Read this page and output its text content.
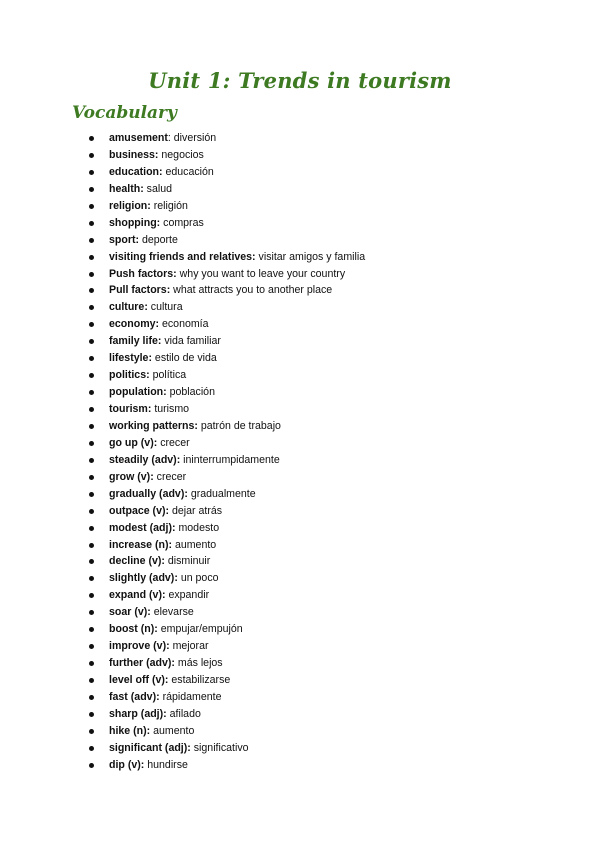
Unit 1: Trends in tourism
Vocabulary
amusement: diversión
business: negocios
education: educación
health: salud
religion: religión
shopping: compras
sport: deporte
visiting friends and relatives: visitar amigos y familia
Push factors: why you want to leave your country
Pull factors: what attracts you to another place
culture: cultura
economy: economía
family life: vida familiar
lifestyle: estilo de vida
politics: política
population: población
tourism: turismo
working patterns: patrón de trabajo
go up (v): crecer
steadily (adv): ininterrumpidamente
grow (v): crecer
gradually (adv): gradualmente
outpace (v): dejar atrás
modest (adj): modesto
increase (n): aumento
decline (v): disminuir
slightly (adv): un poco
expand (v): expandir
soar (v): elevarse
boost (n): empujar/empujón
improve (v): mejorar
further (adv): más lejos
level off (v): estabilizarse
fast (adv): rápidamente
sharp (adj): afilado
hike (n): aumento
significant (adj): significativo
dip (v): hundirse
